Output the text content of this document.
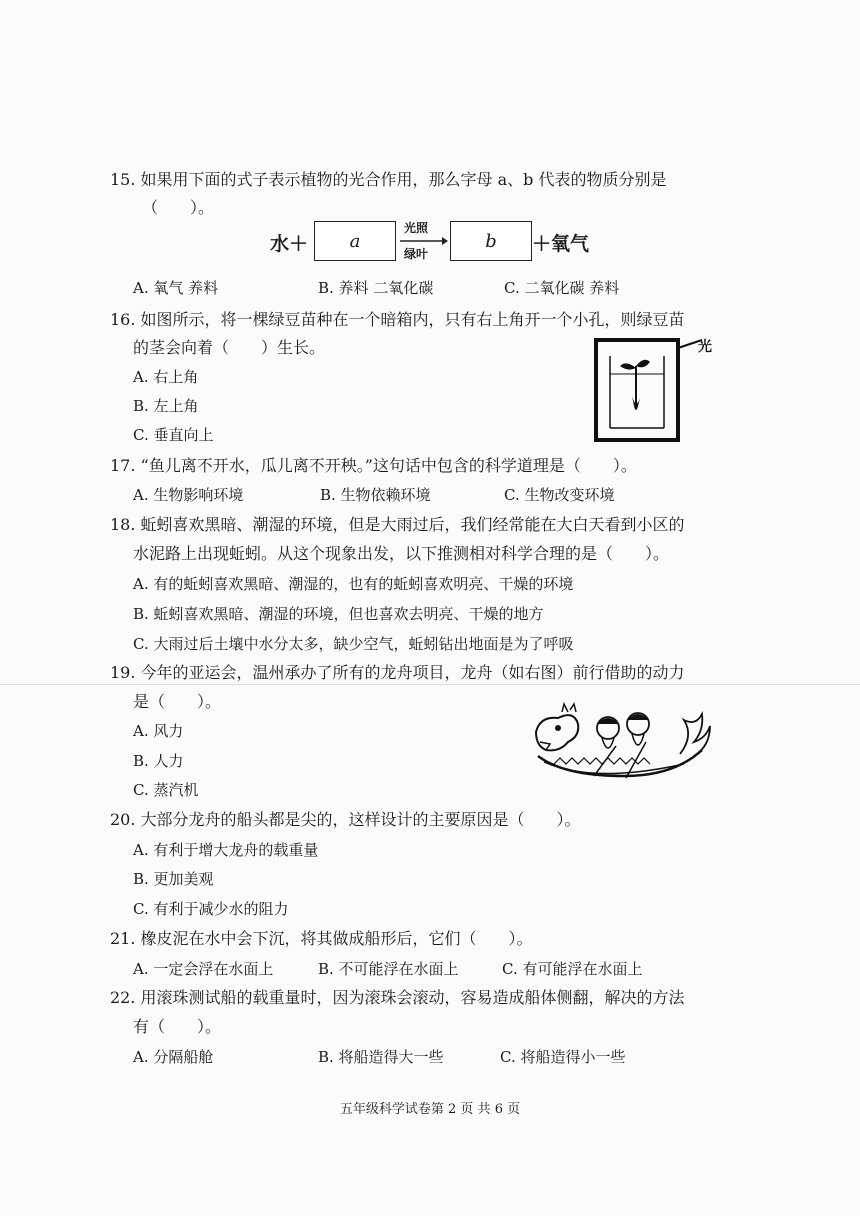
15. 如果用下面的式子表示植物的光合作用，那么字母 a、b 代表的物质分别是
（　　）。
水＋	a
光照
绿叶
b	＋氧气
A. 氧气 养料	B. 养料 二氧化碳	C. 二氧化碳 养料
16. 如图所示，将一棵绿豆苗种在一个暗箱内，只有右上角开一个小孔，则绿豆苗
的茎会向着（　　）生长。
A. 右上角
B. 左上角
C. 垂直向上
光
17. “鱼儿离不开水，瓜儿离不开秧。”这句话中包含的科学道理是（　　）。
A. 生物影响环境	B. 生物依赖环境	C. 生物改变环境
18. 蚯蚓喜欢黑暗、潮湿的环境，但是大雨过后，我们经常能在大白天看到小区的
水泥路上出现蚯蚓。从这个现象出发，以下推测相对科学合理的是（　　）。
A. 有的蚯蚓喜欢黑暗、潮湿的，也有的蚯蚓喜欢明亮、干燥的环境
B. 蚯蚓喜欢黑暗、潮湿的环境，但也喜欢去明亮、干燥的地方
C. 大雨过后土壤中水分太多，缺少空气，蚯蚓钻出地面是为了呼吸
19. 今年的亚运会，温州承办了所有的龙舟项目，龙舟（如右图）前行借助的动力
是（　　）。
A. 风力
B. 人力
C. 蒸汽机
20. 大部分龙舟的船头都是尖的，这样设计的主要原因是（　　）。
A. 有利于增大龙舟的载重量
B. 更加美观
C. 有利于减少水的阻力
21. 橡皮泥在水中会下沉，将其做成船形后，它们（　　）。
A. 一定会浮在水面上	B. 不可能浮在水面上	C. 有可能浮在水面上
22. 用滚珠测试船的载重量时，因为滚珠会滚动，容易造成船体侧翻，解决的方法
有（　　）。
A. 分隔船舱	B. 将船造得大一些	C. 将船造得小一些
五年级科学试卷第 2 页 共 6 页
